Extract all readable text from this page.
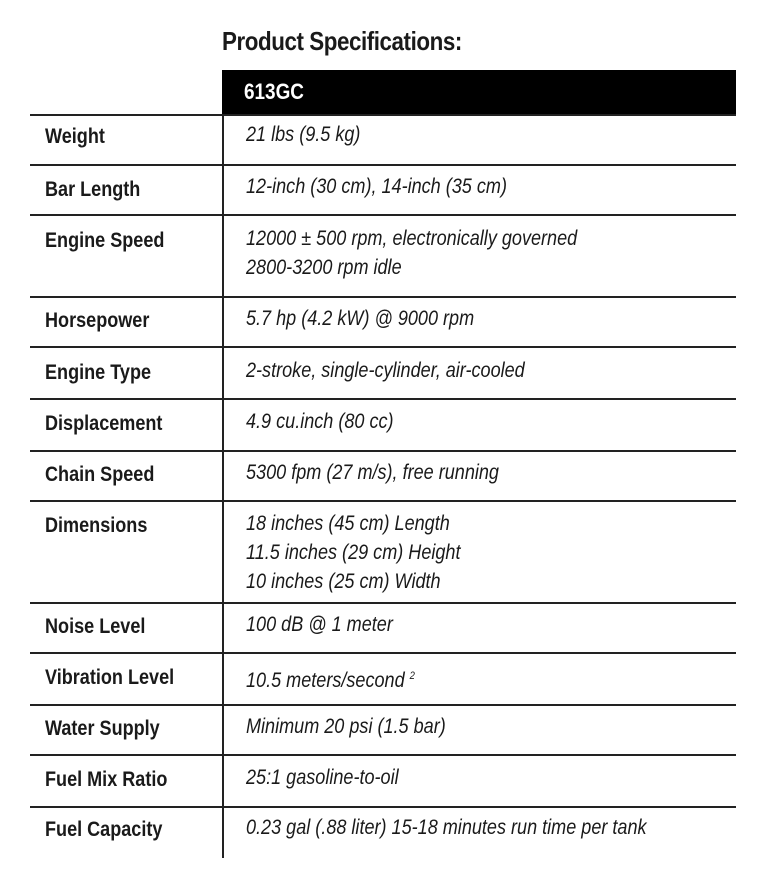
Product Specifications:
613GC
Weight	21 lbs (9.5 kg)
Bar Length	12-inch (30 cm), 14-inch (35 cm)
Engine Speed	12000 ± 500 rpm, electronically governed
2800-3200 rpm idle
Horsepower	5.7 hp (4.2 kW) @ 9000 rpm
Engine Type	2-stroke, single-cylinder, air-cooled
Displacement	4.9 cu.inch (80 cc)
Chain Speed	5300 fpm (27 m/s), free running
Dimensions	18 inches (45 cm) Length
11.5 inches (29 cm) Height
10 inches (25 cm) Width
Noise Level	100 dB @ 1 meter
Vibration Level	10.5 meters/second $^2$
Water Supply	Minimum 20 psi (1.5 bar)
Fuel Mix Ratio	25:1 gasoline-to-oil
Fuel Capacity	0.23 gal (.88 liter) 15-18 minutes run time per tank
